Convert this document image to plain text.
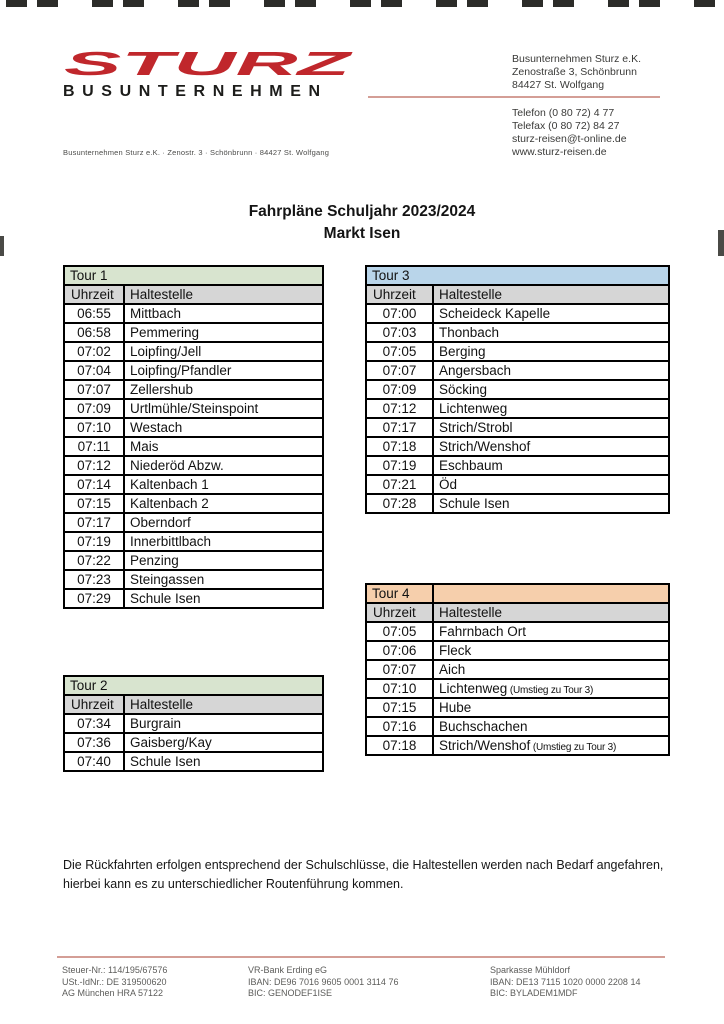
STURZ
BUSUNTERNEHMEN
Busunternehmen Sturz e.K. · Zenostr. 3 · Schönbrunn · 84427 St. Wolfgang
Busunternehmen Sturz e.K.
Zenostraße 3, Schönbrunn
84427 St. Wolfgang
Telefon (0 80 72) 4 77
Telefax (0 80 72) 84 27
sturz-reisen@t-online.de
www.sturz-reisen.de
Fahrpläne Schuljahr 2023/2024
Markt Isen
Tour 1	
Uhrzeit	Haltestelle
06:55	Mittbach
06:58	Pemmering
07:02	Loipfing/Jell
07:04	Loipfing/Pfandler
07:07	Zellershub
07:09	Urtlmühle/Steinspoint
07:10	Westach
07:11	Mais
07:12	Niederöd Abzw.
07:14	Kaltenbach 1
07:15	Kaltenbach 2
07:17	Oberndorf
07:19	Innerbittlbach
07:22	Penzing
07:23	Steingassen
07:29	Schule Isen
Tour 2	
Uhrzeit	Haltestelle
07:34	Burgrain
07:36	Gaisberg/Kay
07:40	Schule Isen
Tour 3	
Uhrzeit	Haltestelle
07:00	Scheideck Kapelle
07:03	Thonbach
07:05	Berging
07:07	Angersbach
07:09	Söcking
07:12	Lichtenweg
07:17	Strich/Strobl
07:18	Strich/Wenshof
07:19	Eschbaum
07:21	Öd
07:28	Schule Isen
Tour 4	
Uhrzeit	Haltestelle
07:05	Fahrnbach Ort
07:06	Fleck
07:07	Aich
07:10	Lichtenweg (Umstieg zu Tour 3)
07:15	Hube
07:16	Buchschachen
07:18	Strich/Wenshof (Umstieg zu Tour 3)

Die Rückfahrten erfolgen entsprechend der Schulschlüsse, die Haltestellen werden nach Bedarf angefahren, hierbei kann es zu unterschiedlicher Routenführung kommen.

Steuer-Nr.: 114/195/67576
USt.-IdNr.: DE 319500620
AG München HRA 57122
VR-Bank Erding eG
IBAN: DE96 7016 9605 0001 3114 76
BIC: GENODEF1ISE
Sparkasse Mühldorf
IBAN: DE13 7115 1020 0000 2208 14
BIC: BYLADEM1MDF
